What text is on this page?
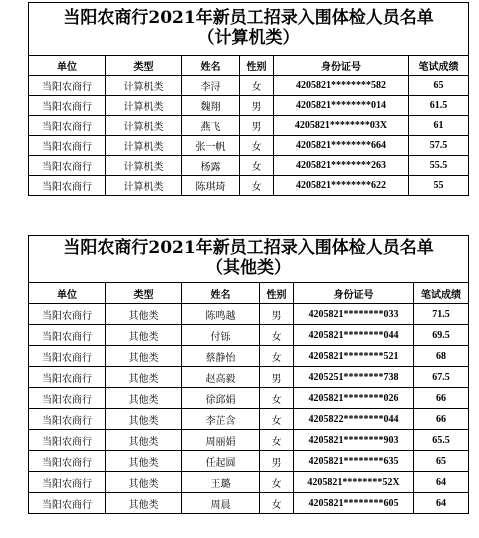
当阳农商行2021年新员工招录入围体检人员名单
（计算机类）					

单位	类型	姓名	性别	身份证号	笔试成绩
当阳农商行	计算机类	李浔	女	4205821********582	65
当阳农商行	计算机类	魏翔	男	4205821********014	61.5
当阳农商行	计算机类	燕飞	男	4205821********03X	61
当阳农商行	计算机类	张一帆	女	4205821********664	57.5
当阳农商行	计算机类	杨露	女	4205821********263	55.5
当阳农商行	计算机类	陈琪琦	女	4205821********622	55
当阳农商行2021年新员工招录入围体检人员名单
（其他类）					

单位	类型	姓名	性别	身份证号	笔试成绩
当阳农商行	其他类	陈鸣越	男	4205821********033	71.5
当阳农商行	其他类	付铄	女	4205821********044	69.5
当阳农商行	其他类	蔡静怡	女	4205821********521	68
当阳农商行	其他类	赵高毅	男	4205251********738	67.5
当阳农商行	其他类	徐邱娟	女	4205821********026	66
当阳农商行	其他类	李芷含	女	4205822********044	66
当阳农商行	其他类	周丽娟	女	4205821********903	65.5
当阳农商行	其他类	任起圆	男	4205821********635	65
当阳农商行	其他类	王璐	女	4205821********52X	64
当阳农商行	其他类	周晨	女	4205821********605	64
